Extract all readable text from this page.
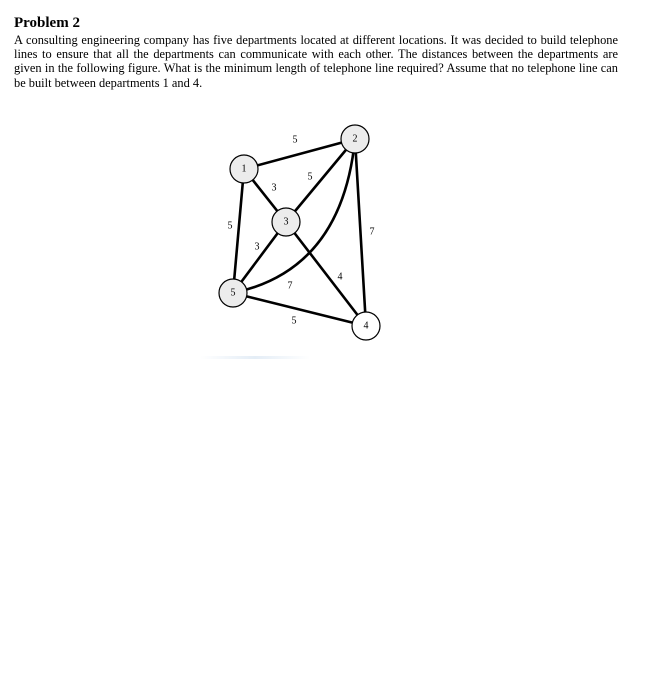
Problem 2

A consulting engineering company has five departments located at different locations. It was decided to build telephone lines to ensure that all the departments can communicate with each other. The distances between the departments are given in the following figure. What is the minimum length of telephone line required? Assume that no telephone line can be built between departments 1 and 4.

5
3
5
5
3
4
7
7
5
1
2
3
4
5
